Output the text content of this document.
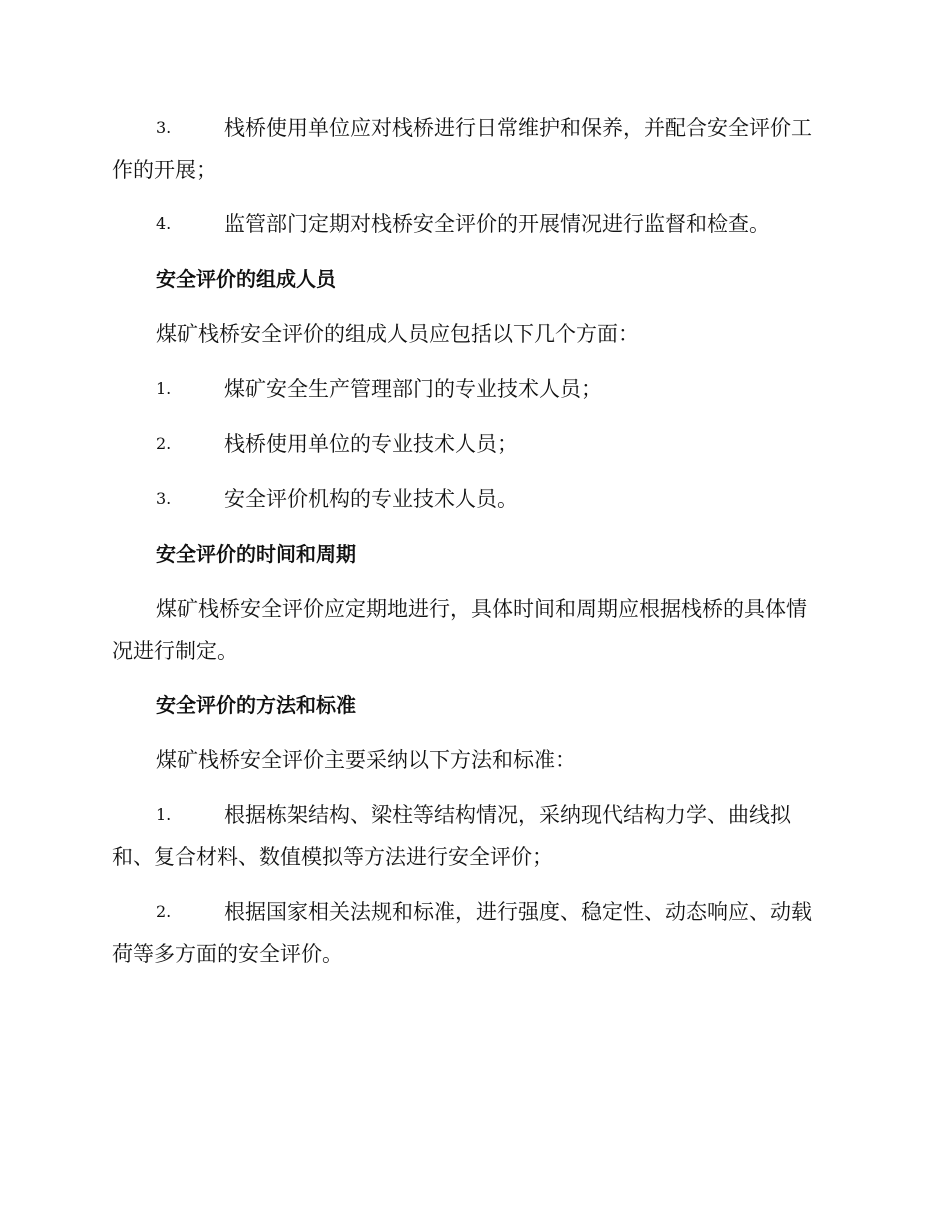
3.	栈桥使用单位应对栈桥进行日常维护和保养，并配合安全评价工
作的开展；
4.	监管部门定期对栈桥安全评价的开展情况进行监督和检查。
安全评价的组成人员
煤矿栈桥安全评价的组成人员应包括以下几个方面：
1.	煤矿安全生产管理部门的专业技术人员；
2.	栈桥使用单位的专业技术人员；
3.	安全评价机构的专业技术人员。
安全评价的时间和周期
煤矿栈桥安全评价应定期地进行，具体时间和周期应根据栈桥的具体情
况进行制定。
安全评价的方法和标准
煤矿栈桥安全评价主要采纳以下方法和标准：
1.	根据栋架结构、梁柱等结构情况，采纳现代结构力学、曲线拟
和、复合材料、数值模拟等方法进行安全评价；
2.	根据国家相关法规和标准，进行强度、稳定性、动态响应、动载
荷等多方面的安全评价。
